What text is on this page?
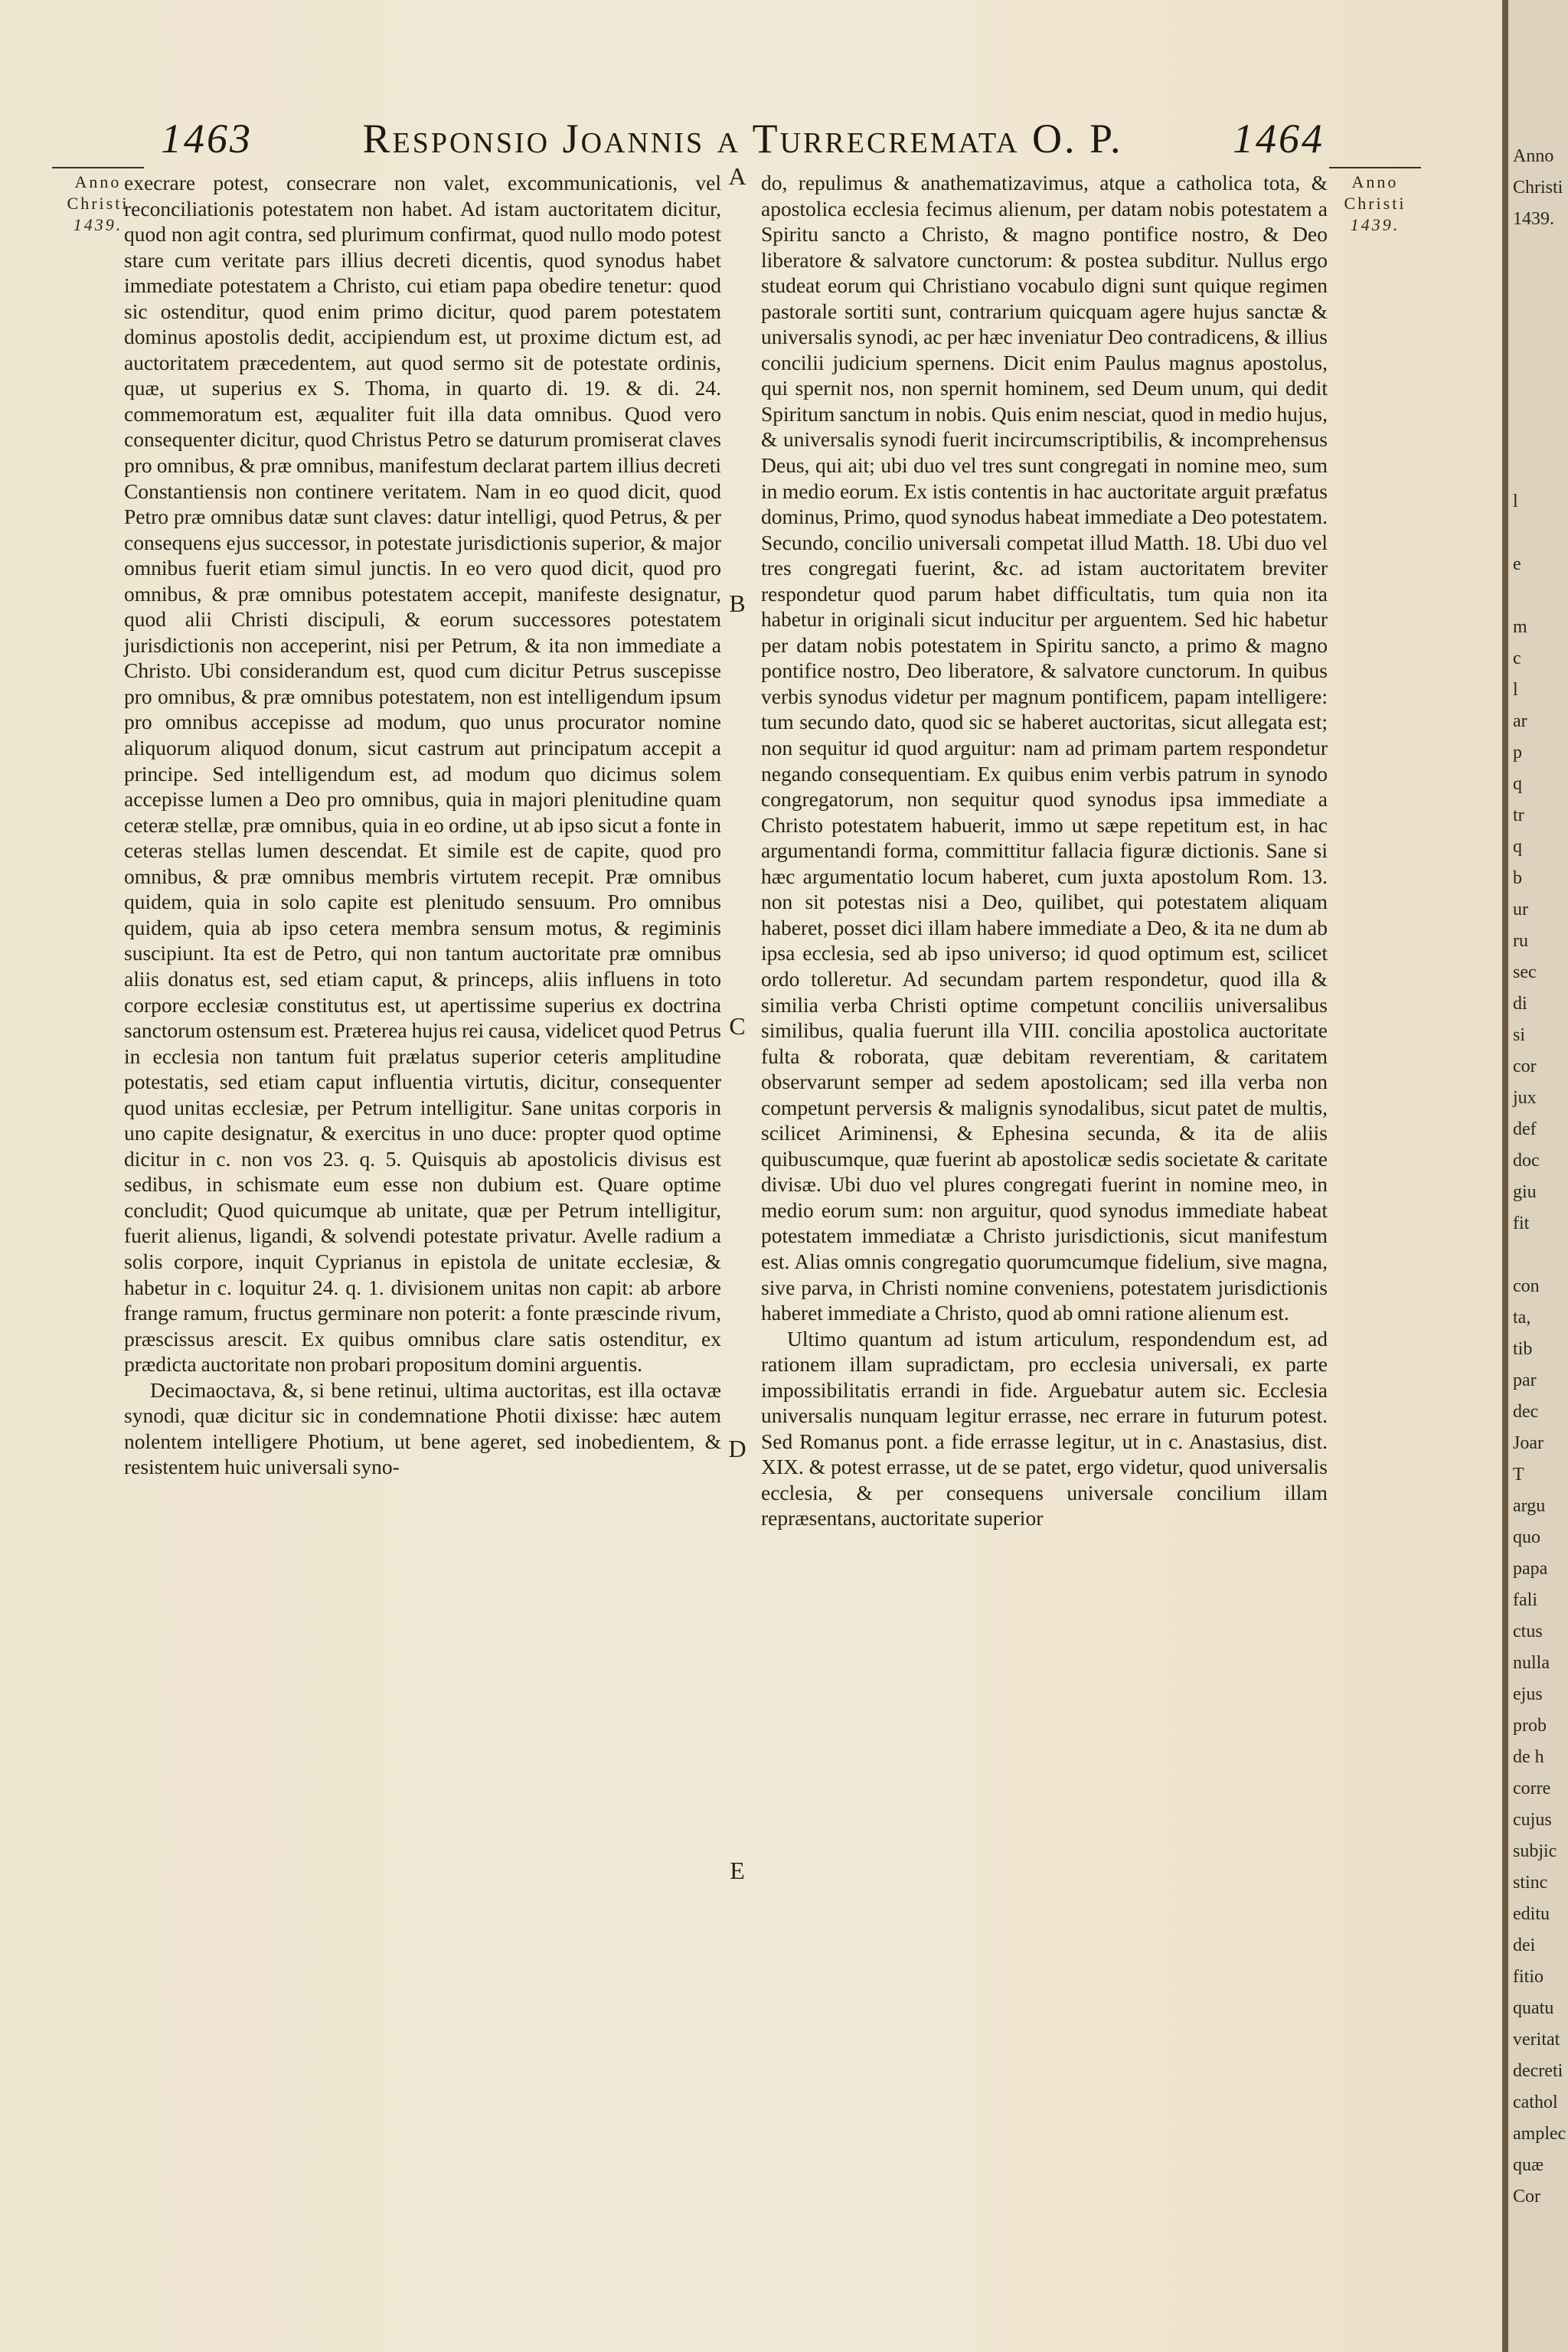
1463	Responsio Joannis a Turrecremata O. P.	1464
Anno
Christi
1439.
Anno
Christi
1439.

execrare potest, consecrare non valet, excommunicationis, vel reconciliationis potestatem non habet. Ad istam auctoritatem dicitur, quod non agit contra, sed plurimum confirmat, quod nullo modo potest stare cum veritate pars illius decreti dicentis, quod synodus habet immediate potestatem a Christo, cui etiam papa obedire tenetur: quod sic ostenditur, quod enim primo dicitur, quod parem potestatem dominus apostolis dedit, accipiendum est, ut proxime dictum est, ad auctoritatem præcedentem, aut quod sermo sit de potestate ordinis, quæ, ut superius ex S. Thoma, in quarto di. 19. & di. 24. commemoratum est, æqualiter fuit illa data omnibus. Quod vero consequenter dicitur, quod Christus Petro se daturum promiserat claves pro omnibus, & præ omnibus, manifestum declarat partem illius decreti Constantiensis non continere veritatem. Nam in eo quod dicit, quod Petro præ omnibus datæ sunt claves: datur intelligi, quod Petrus, & per consequens ejus successor, in potestate jurisdictionis superior, & major omnibus fuerit etiam simul junctis. In eo vero quod dicit, quod pro omnibus, & præ omnibus potestatem accepit, manifeste designatur, quod alii Christi discipuli, & eorum successores potestatem jurisdictionis non acceperint, nisi per Petrum, & ita non immediate a Christo. Ubi considerandum est, quod cum dicitur Petrus suscepisse pro omnibus, & præ omnibus potestatem, non est intelligendum ipsum pro omnibus accepisse ad modum, quo unus procurator nomine aliquorum aliquod donum, sicut castrum aut principatum accepit a principe. Sed intelligendum est, ad modum quo dicimus solem accepisse lumen a Deo pro omnibus, quia in majori plenitudine quam ceteræ stellæ, præ omnibus, quia in eo ordine, ut ab ipso sicut a fonte in ceteras stellas lumen descendat. Et simile est de capite, quod pro omnibus, & præ omnibus membris virtutem recepit. Præ omnibus quidem, quia in solo capite est plenitudo sensuum. Pro omnibus quidem, quia ab ipso cetera membra sensum motus, & regiminis suscipiunt. Ita est de Petro, qui non tantum auctoritate præ omnibus aliis donatus est, sed etiam caput, & princeps, aliis influens in toto corpore ecclesiæ constitutus est, ut apertissime superius ex doctrina sanctorum ostensum est. Præterea hujus rei causa, videlicet quod Petrus in ecclesia non tantum fuit prælatus superior ceteris amplitudine potestatis, sed etiam caput influentia virtutis, dicitur, consequenter quod unitas ecclesiæ, per Petrum intelligitur. Sane unitas corporis in uno capite designatur, & exercitus in uno duce: propter quod optime dicitur in c. non vos 23. q. 5. Quisquis ab apostolicis divisus est sedibus, in schismate eum esse non dubium est. Quare optime concludit; Quod quicumque ab unitate, quæ per Petrum intelligitur, fuerit alienus, ligandi, & solvendi potestate privatur. Avelle radium a solis corpore, inquit Cyprianus in epistola de unitate ecclesiæ, & habetur in c. loquitur 24. q. 1. divisionem unitas non capit: ab arbore frange ramum, fructus germinare non poterit: a fonte præscinde rivum, præscissus arescit. Ex quibus omnibus clare satis ostenditur, ex prædicta auctoritate non probari propositum domini arguentis.

Decimaoctava, &, si bene retinui, ultima auctoritas, est illa octavæ synodi, quæ dicitur sic in condemnatione Photii dixisse: hæc autem nolentem intelligere Photium, ut bene ageret, sed inobedientem, & resistentem huic universali syno-

A
B
C
D
E

do, repulimus & anathematizavimus, atque a catholica tota, & apostolica ecclesia fecimus alienum, per datam nobis potestatem a Spiritu sancto a Christo, & magno pontifice nostro, & Deo liberatore & salvatore cunctorum: & postea subditur. Nullus ergo studeat eorum qui Christiano vocabulo digni sunt quique regimen pastorale sortiti sunt, contrarium quicquam agere hujus sanctæ & universalis synodi, ac per hæc inveniatur Deo contradicens, & illius concilii judicium spernens. Dicit enim Paulus magnus apostolus, qui spernit nos, non spernit hominem, sed Deum unum, qui dedit Spiritum sanctum in nobis. Quis enim nesciat, quod in medio hujus, & universalis synodi fuerit incircumscriptibilis, & incomprehensus Deus, qui ait; ubi duo vel tres sunt congregati in nomine meo, sum in medio eorum. Ex istis contentis in hac auctoritate arguit præfatus dominus, Primo, quod synodus habeat immediate a Deo potestatem. Secundo, concilio universali competat illud Matth. 18. Ubi duo vel tres congregati fuerint, &c. ad istam auctoritatem breviter respondetur quod parum habet difficultatis, tum quia non ita habetur in originali sicut inducitur per arguentem. Sed hic habetur per datam nobis potestatem in Spiritu sancto, a primo & magno pontifice nostro, Deo liberatore, & salvatore cunctorum. In quibus verbis synodus videtur per magnum pontificem, papam intelligere: tum secundo dato, quod sic se haberet auctoritas, sicut allegata est; non sequitur id quod arguitur: nam ad primam partem respondetur negando consequentiam. Ex quibus enim verbis patrum in synodo congregatorum, non sequitur quod synodus ipsa immediate a Christo potestatem habuerit, immo ut sæpe repetitum est, in hac argumentandi forma, committitur fallacia figuræ dictionis. Sane si hæc argumentatio locum haberet, cum juxta apostolum Rom. 13. non sit potestas nisi a Deo, quilibet, qui potestatem aliquam haberet, posset dici illam habere immediate a Deo, & ita ne dum ab ipsa ecclesia, sed ab ipso universo; id quod optimum est, scilicet ordo tolleretur. Ad secundam partem respondetur, quod illa & similia verba Christi optime competunt conciliis universalibus similibus, qualia fuerunt illa VIII. concilia apostolica auctoritate fulta & roborata, quæ debitam reverentiam, & caritatem observarunt semper ad sedem apostolicam; sed illa verba non competunt perversis & malignis synodalibus, sicut patet de multis, scilicet Ariminensi, & Ephesina secunda, & ita de aliis quibuscumque, quæ fuerint ab apostolicæ sedis societate & caritate divisæ. Ubi duo vel plures congregati fuerint in nomine meo, in medio eorum sum: non arguitur, quod synodus immediate habeat potestatem immediatæ a Christo jurisdictionis, sicut manifestum est. Alias omnis congregatio quorumcumque fidelium, sive magna, sive parva, in Christi nomine conveniens, potestatem jurisdictionis haberet immediate a Christo, quod ab omni ratione alienum est.

Ultimo quantum ad istum articulum, respondendum est, ad rationem illam supradictam, pro ecclesia universali, ex parte impossibilitatis errandi in fide. Arguebatur autem sic. Ecclesia universalis nunquam legitur errasse, nec errare in futurum potest. Sed Romanus pont. a fide errasse legitur, ut in c. Anastasius, dist. XIX. & potest errasse, ut de se patet, ergo videtur, quod universalis ecclesia, & per consequens universale concilium illam repræsentans, auctoritate superior

Anno
Christi
1439.
l
e
m
c
l
ar
p
q
tr
q
b
ur
ru
sec
di
si
cor
jux
def
doc
giu
fit
con
ta,
tib
par
dec
Joar
T
argu
quo
papa
fali
ctus
nulla
ejus
prob
de h
corre
cujus
subjic
stinc
editu
dei
fitio
quatu
veritat
decreti
cathol
amplec
quæ
Cor
